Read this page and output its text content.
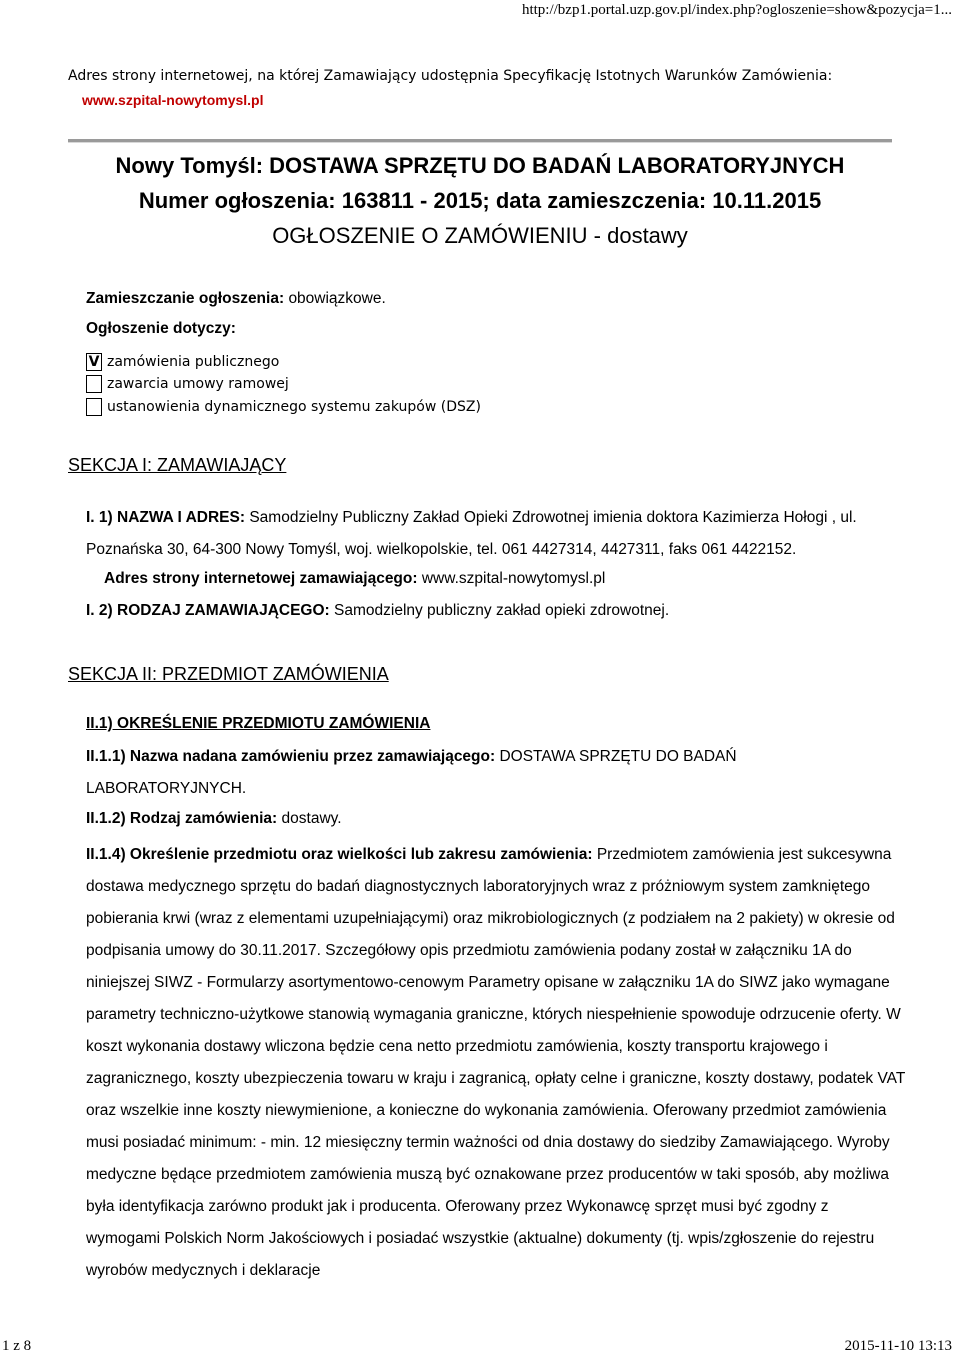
http://bzp1.portal.uzp.gov.pl/index.php?ogloszenie=show&pozycja=1...
Adres strony internetowej, na której Zamawiający udostępnia Specyfikację Istotnych Warunków Zamówienia:
www.szpital-nowytomysl.pl
Nowy Tomyśl: DOSTAWA SPRZĘTU DO BADAŃ LABORATORYJNYCH
Numer ogłoszenia: 163811 - 2015; data zamieszczenia: 10.11.2015
OGŁOSZENIE O ZAMÓWIENIU - dostawy
Zamieszczanie ogłoszenia: obowiązkowe.
Ogłoszenie dotyczy:
V zamówienia publicznego
zawarcia umowy ramowej
ustanowienia dynamicznego systemu zakupów (DSZ)
SEKCJA I: ZAMAWIAJĄCY
I. 1) NAZWA I ADRES: Samodzielny Publiczny Zakład Opieki Zdrowotnej imienia doktora Kazimierza Hołogi , ul. Poznańska 30, 64-300 Nowy Tomyśl, woj. wielkopolskie, tel. 061 4427314, 4427311, faks 061 4422152.
Adres strony internetowej zamawiającego: www.szpital-nowytomysl.pl
I. 2) RODZAJ ZAMAWIAJĄCEGO: Samodzielny publiczny zakład opieki zdrowotnej.
SEKCJA II: PRZEDMIOT ZAMÓWIENIA
II.1) OKREŚLENIE PRZEDMIOTU ZAMÓWIENIA
II.1.1) Nazwa nadana zamówieniu przez zamawiającego: DOSTAWA SPRZĘTU DO BADAŃ LABORATORYJNYCH.
II.1.2) Rodzaj zamówienia: dostawy.
II.1.4) Określenie przedmiotu oraz wielkości lub zakresu zamówienia: Przedmiotem zamówienia jest sukcesywna dostawa medycznego sprzętu do badań diagnostycznych laboratoryjnych wraz z próżniowym system zamkniętego pobierania krwi (wraz z elementami uzupełniającymi) oraz mikrobiologicznych (z podziałem na 2 pakiety) w okresie od podpisania umowy do 30.11.2017. Szczegółowy opis przedmiotu zamówienia podany został w załączniku 1A do niniejszej SIWZ - Formularzy asortymentowo-cenowym Parametry opisane w załączniku 1A do SIWZ jako wymagane parametry techniczno-użytkowe stanowią wymagania graniczne, których niespełnienie spowoduje odrzucenie oferty. W koszt wykonania dostawy wliczona będzie cena netto przedmiotu zamówienia, koszty transportu krajowego i zagranicznego, koszty ubezpieczenia towaru w kraju i zagranicą, opłaty celne i graniczne, koszty dostawy, podatek VAT oraz wszelkie inne koszty niewymienione, a konieczne do wykonania zamówienia. Oferowany przedmiot zamówienia musi posiadać minimum: - min. 12 miesięczny termin ważności od dnia dostawy do siedziby Zamawiającego. Wyroby medyczne będące przedmiotem zamówienia muszą być oznakowane przez producentów w taki sposób, aby możliwa była identyfikacja zarówno produkt jak i producenta. Oferowany przez Wykonawcę sprzęt musi być zgodny z wymogami Polskich Norm Jakościowych i posiadać wszystkie (aktualne) dokumenty (tj. wpis/zgłoszenie do rejestru wyrobów medycznych i deklaracje
1 z 8	2015-11-10 13:13
